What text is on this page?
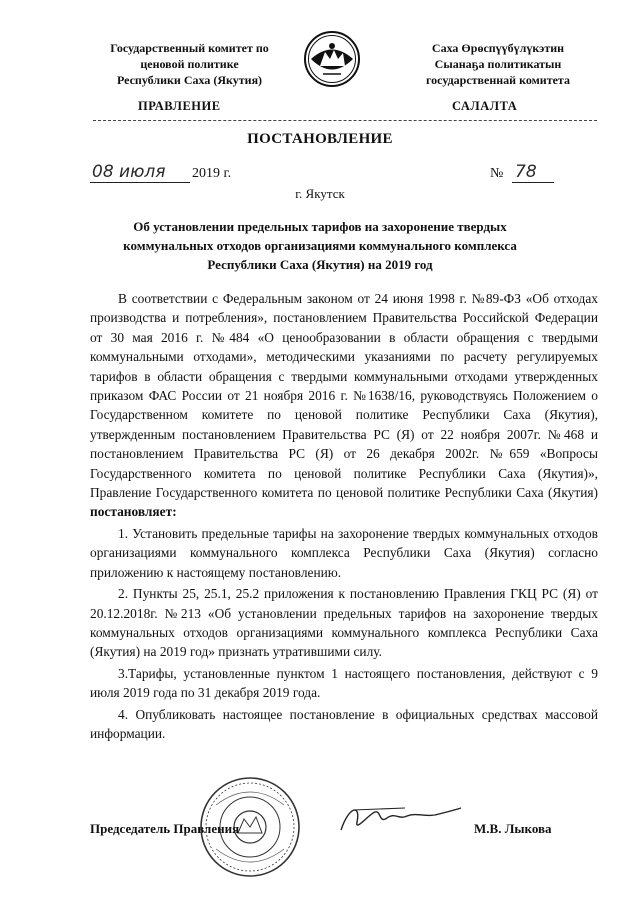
Государственный комитет по
ценовой политике
Республики Саха (Якутия)
Саха Өрөспүүбүлүкэтин
Сыанаҕа политикатын
государственнай комитета
ПРАВЛЕНИЕ	САЛАЛТА
ПОСТАНОВЛЕНИЕ
08 июля 2019 г.	№ 78
г. Якутск
Об установлении предельных тарифов на захоронение твердых коммунальных отходов организациями коммунального комплекса Республики Саха (Якутия) на 2019 год

В соответствии с Федеральным законом от 24 июня 1998 г. №89-ФЗ «Об отходах производства и потребления», постановлением Правительства Российской Федерации от 30 мая 2016 г. №484 «О ценообразовании в области обращения с твердыми коммунальными отходами», методическими указаниями по расчету регулируемых тарифов в области обращения с твердыми коммунальными отходами утвержденных приказом ФАС России от 21 ноября 2016 г. №1638/16, руководствуясь Положением о Государственном комитете по ценовой политике Республики Саха (Якутия), утвержденным постановлением Правительства РС (Я) от 22 ноября 2007г. №468 и постановлением Правительства РС (Я) от 26 декабря 2002г. №659 «Вопросы Государственного комитета по ценовой политике Республики Саха (Якутия)», Правление Государственного комитета по ценовой политике Республики Саха (Якутия) постановляет:

1. Установить предельные тарифы на захоронение твердых коммунальных отходов организациями коммунального комплекса Республики Саха (Якутия) согласно приложению к настоящему постановлению.

2. Пункты 25, 25.1, 25.2 приложения к постановлению Правления ГКЦ РС (Я) от 20.12.2018г. №213 «Об установлении предельных тарифов на захоронение твердых коммунальных отходов организациями коммунального комплекса Республики Саха (Якутия) на 2019 год» признать утратившими силу.

3.Тарифы, установленные пунктом 1 настоящего постановления, действуют с 9 июля 2019 года по 31 декабря 2019 года.

4. Опубликовать настоящее постановление в официальных средствах массовой информации.

Председатель Правления	М.В. Лыкова
